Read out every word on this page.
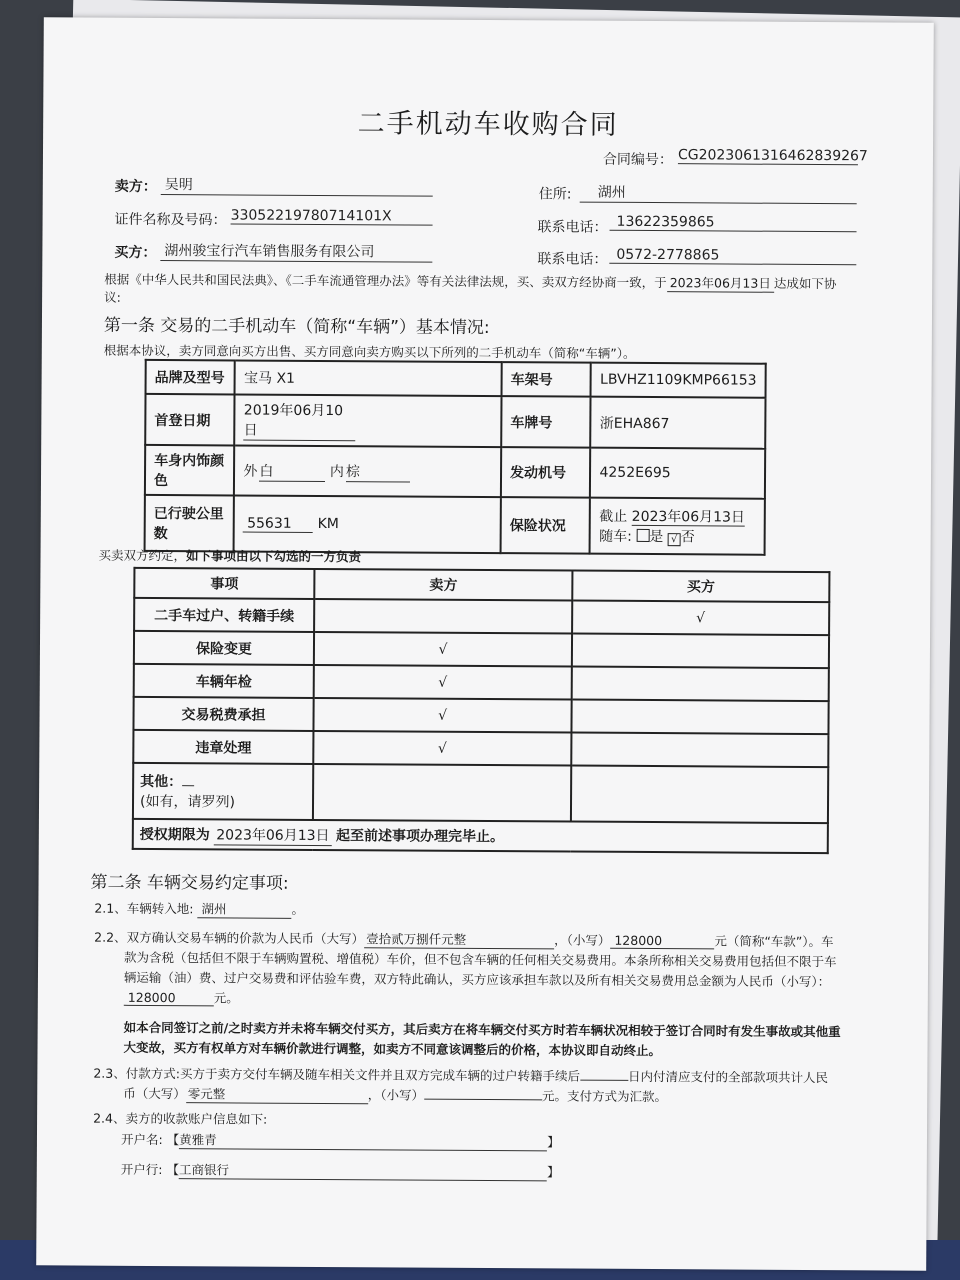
二手机动车收购合同
合同编号： CG2023061316462839267
卖方： 吴明
住所:	湖州
证件名称及号码： 33052219780714101X
联系电话： 13622359865
买方： 湖州骏宝行汽车销售服务有限公司	联系电话： 0572-2778865
根据《中华人民共和国民法典》、《二手车流通管理办法》等有关法律法规，买、卖双方经协商一致，于 2023年06月13日 达成如下协
议:
第一条 交易的二手机动车（简称“车辆”）基本情况:
根据本协议，卖方同意向买方出售、买方同意向卖方购买以下所列的二手机动车（简称“车辆”）。
品牌及型号	宝马 X1	车架号	LBVHZ1109KMP66153
首登日期	2019年06月10日	车牌号	浙EHA867
车身内饰颜色	外 白 内 棕	发动机号	4252E695
已行驶公里数	55631 KM	保险状况	截止 2023年06月13日
随车: 是 √ 否
买卖双方约定，如下事项由以下勾选的一方负责
事项	卖方	买方
二手车过户、转籍手续		√
保险变更	√	
车辆年检	√	
交易税费承担	√	
违章处理	√	

其他：
(如有，请罗列)		

授权期限为 2023年06月13日 起至前述事项办理完毕止。		
第二条 车辆交易约定事项:
2.1、车辆转入地: 湖州	。
2.2、双方确认交易车辆的价款为人民币（大写） 壹拾贰万捌仟元整	，（小写） 128000	元（简称“车款”）。车
款为含税（包括但不限于车辆购置税、增值税）车价，但不包含车辆的任何相关交易费用。本条所称相关交易费用包括但不限于车
辆运输（油）费、过户交易费和评估验车费，双方特此确认，买方应该承担车款以及所有相关交易费用总金额为人民币（小写）：
128000	元。
如本合同签订之前/之时卖方并未将车辆交付买方，其后卖方在将车辆交付买方时若车辆状况相较于签订合同时有发生事故或其他重
大变故，买方有权单方对车辆价款进行调整，如卖方不同意该调整后的价格，本协议即自动终止。
2.3、付款方式:买方于卖方交付车辆及随车相关文件并且双方完成车辆的过户转籍手续后	日内付清应支付的全部款项共计人民
币（大写） 零元整	，（小写）	元。支付方式为汇款。
2.4、卖方的收款账户信息如下:
开户名: 【黄雅青	】
开户行: 【工商银行	】
